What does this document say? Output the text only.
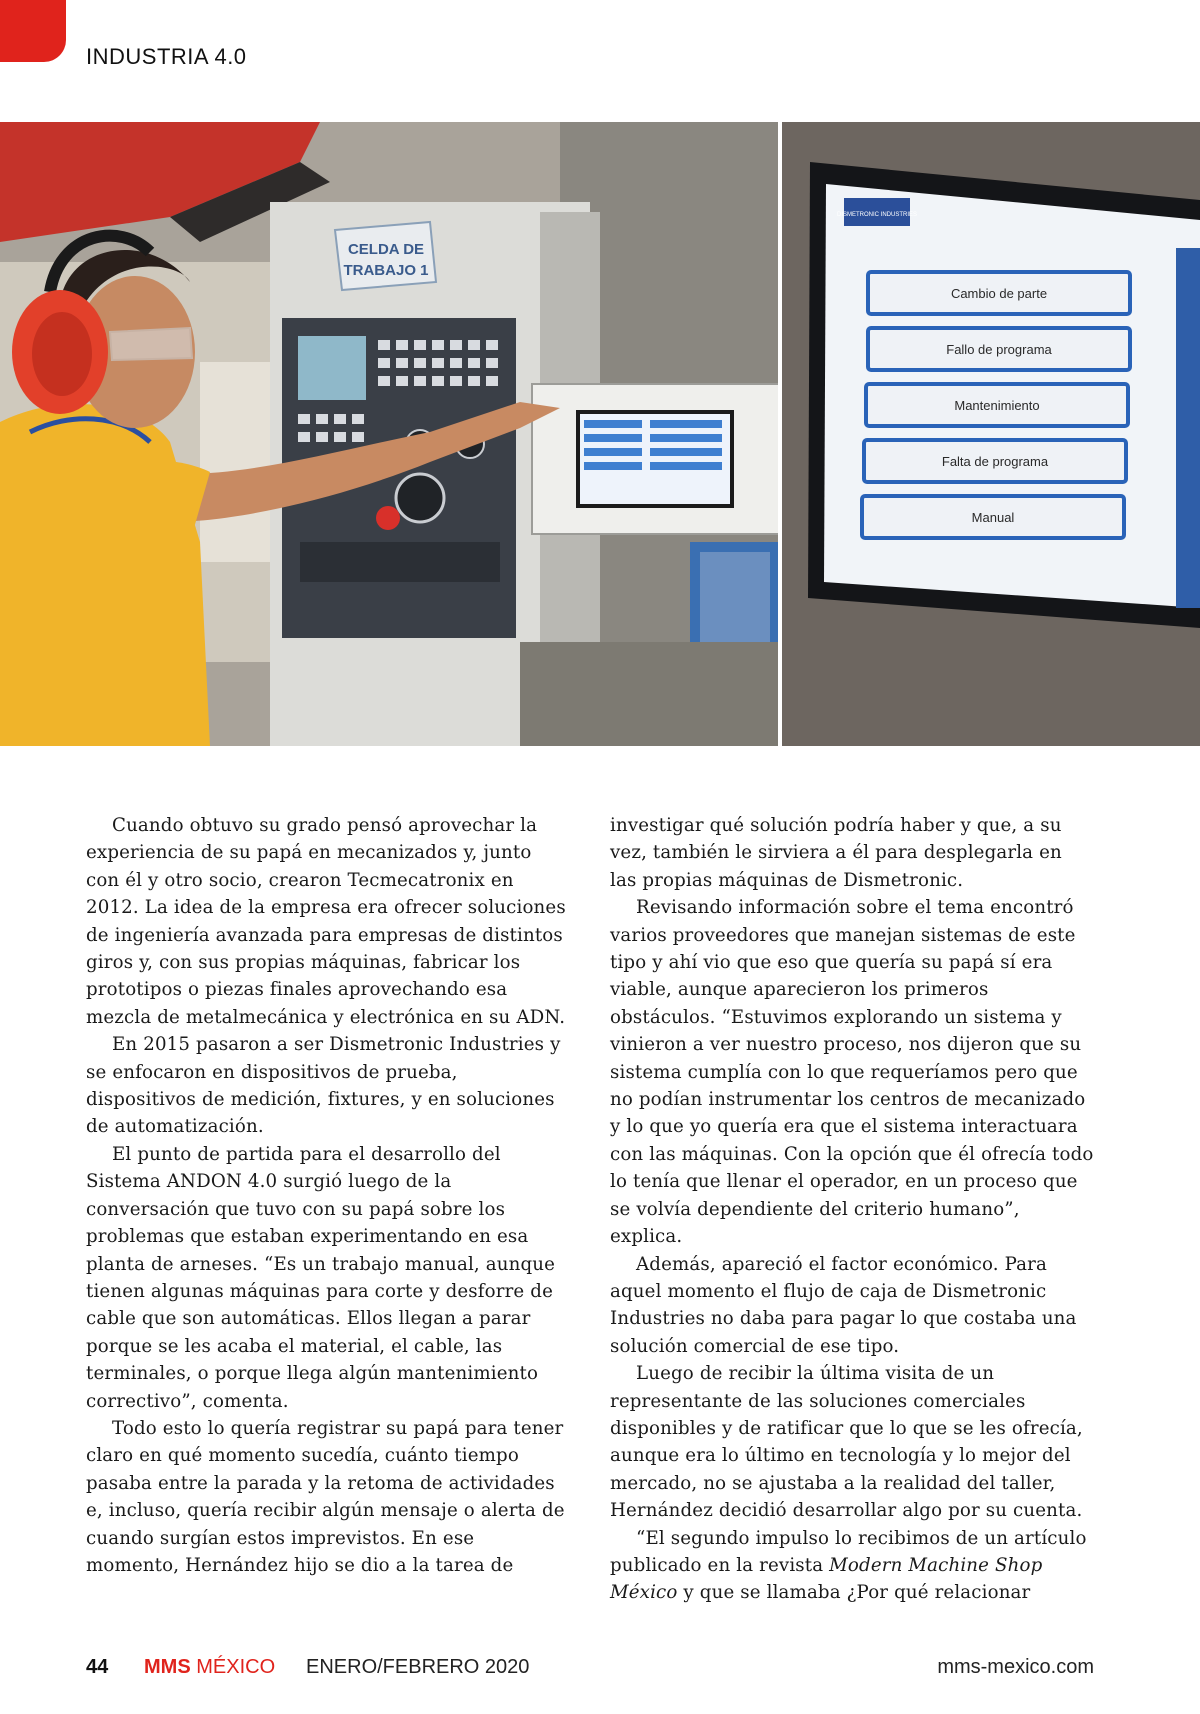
INDUSTRIA 4.0
CELDA DE
TRABAJO 1
DISMETRONIC INDUSTRIES
Cambio de parte
Fallo de programa
Mantenimiento
Falta de programa
Manual

Cuando obtuvo su grado pensó aprovechar la experiencia de su papá en mecanizados y, junto con él y otro socio, crearon Tecmecatronix en 2012. La idea de la empresa era ofrecer soluciones de ingeniería avanzada para empresas de distintos giros y, con sus propias máquinas, fabricar los prototipos o piezas finales aprovechando esa mezcla de metalmecánica y electrónica en su ADN.

En 2015 pasaron a ser Dismetronic Industries y se enfocaron en dispositivos de prueba, dispositivos de medición, fixtures, y en soluciones de automatización.

El punto de partida para el desarrollo del Sistema ANDON 4.0 surgió luego de la conversación que tuvo con su papá sobre los problemas que estaban experimentando en esa planta de arneses. “Es un trabajo manual, aunque tienen algunas máquinas para corte y desforre de cable que son automáticas. Ellos llegan a parar porque se les acaba el material, el cable, las terminales, o porque llega algún mantenimiento correctivo”, comenta.

Todo esto lo quería registrar su papá para tener claro en qué momento sucedía, cuánto tiempo pasaba entre la parada y la retoma de actividades e, incluso, quería recibir algún mensaje o alerta de cuando surgían estos imprevistos. En ese momento, Hernández hijo se dio a la tarea de

investigar qué solución podría haber y que, a su vez, también le sirviera a él para desplegarla en las propias máquinas de Dismetronic.

Revisando información sobre el tema encontró varios proveedores que manejan sistemas de este tipo y ahí vio que eso que quería su papá sí era viable, aunque aparecieron los primeros obstáculos. “Estuvimos explorando un sistema y vinieron a ver nuestro proceso, nos dijeron que su sistema cumplía con lo que requeríamos pero que no podían instrumentar los centros de mecanizado y lo que yo quería era que el sistema interactuara con las máquinas. Con la opción que él ofrecía todo lo tenía que llenar el operador, en un proceso que se volvía dependiente del criterio humano”, explica.

Además, apareció el factor económico. Para aquel momento el flujo de caja de Dismetronic Industries no daba para pagar lo que costaba una solución comercial de ese tipo.

Luego de recibir la última visita de un representante de las soluciones comerciales disponibles y de ratificar que lo que se les ofrecía, aunque era lo último en tecnología y lo mejor del mercado, no se ajustaba a la realidad del taller, Hernández decidió desarrollar algo por su cuenta.

“El segundo impulso lo recibimos de un artículo publicado en la revista Modern Machine Shop México y que se llamaba ¿Por qué relacionar

44 MMS MÉXICO ENERO/FEBRERO 2020	mms-mexico.com
